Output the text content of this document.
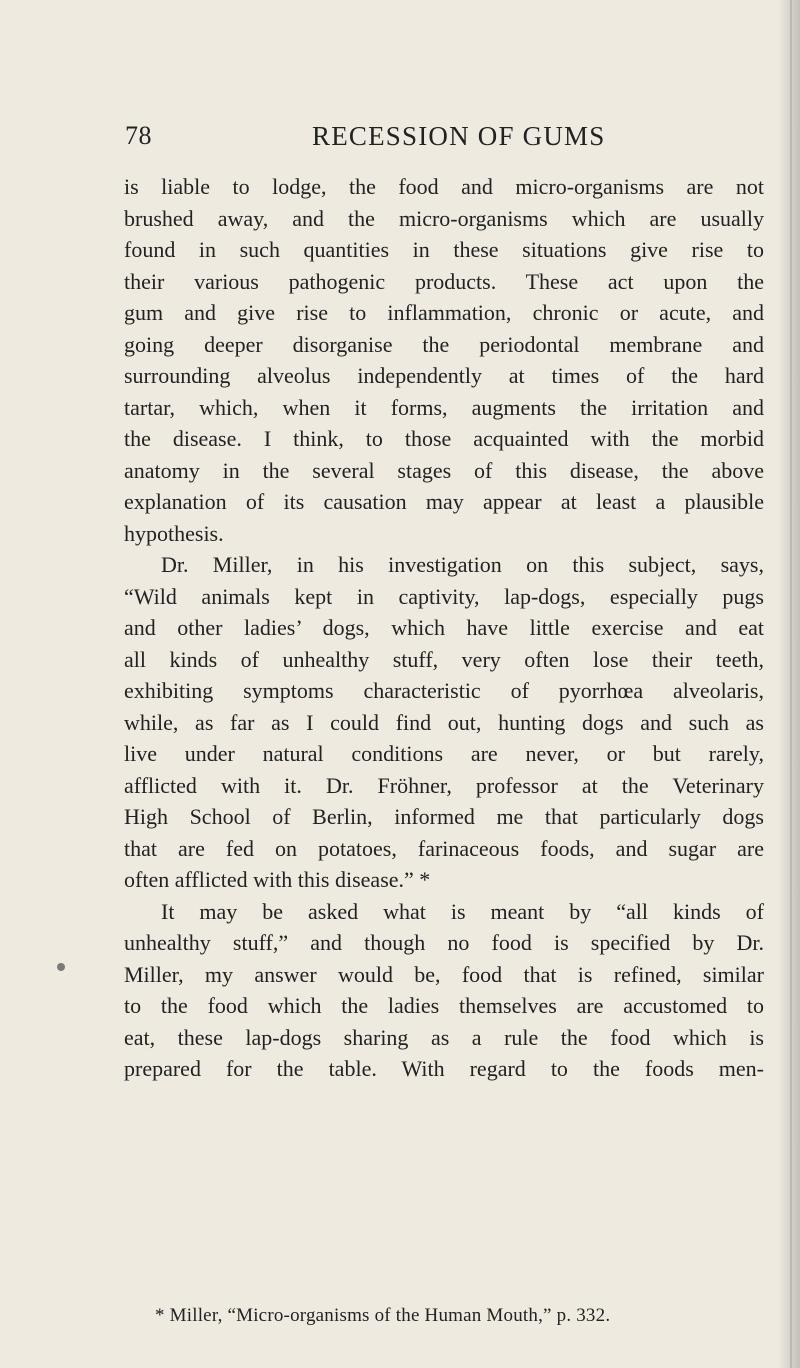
78	RECESSION OF GUMS
is liable to lodge, the food and micro-organisms are not
brushed away, and the micro-organisms which are usually
found in such quantities in these situations give rise to
their various pathogenic products. These act upon the
gum and give rise to inflammation, chronic or acute, and
going deeper disorganise the periodontal membrane and
surrounding alveolus independently at times of the hard
tartar, which, when it forms, augments the irritation and
the disease. I think, to those acquainted with the morbid
anatomy in the several stages of this disease, the above
explanation of its causation may appear at least a plausible
hypothesis.
Dr. Miller, in his investigation on this subject, says,
“Wild animals kept in captivity, lap-dogs, especially pugs
and other ladies’ dogs, which have little exercise and eat
all kinds of unhealthy stuff, very often lose their teeth,
exhibiting symptoms characteristic of pyorrhœa alveolaris,
while, as far as I could find out, hunting dogs and such as
live under natural conditions are never, or but rarely,
afflicted with it. Dr. Fröhner, professor at the Veterinary
High School of Berlin, informed me that particularly dogs
that are fed on potatoes, farinaceous foods, and sugar are
often afflicted with this disease.” *
It may be asked what is meant by “all kinds of
unhealthy stuff,” and though no food is specified by Dr.
Miller, my answer would be, food that is refined, similar
to the food which the ladies themselves are accustomed to
eat, these lap-dogs sharing as a rule the food which is
prepared for the table. With regard to the foods men-
* Miller, “Micro-organisms of the Human Mouth,” p. 332.
